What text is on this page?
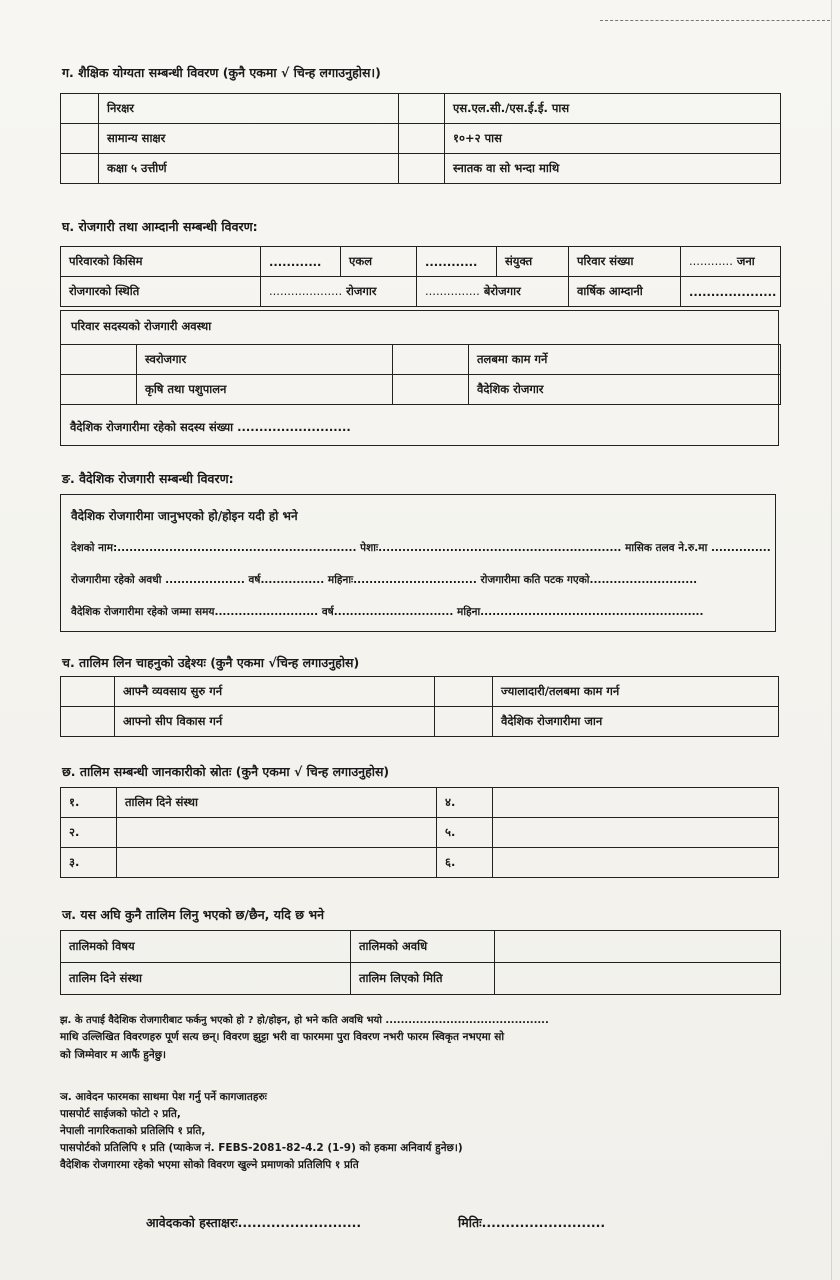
ग. शैक्षिक योग्यता सम्बन्धी विवरण (कुनै एकमा √ चिन्ह लगाउनुहोस।)
	निरक्षर		एस.एल.सी./एस.ई.ई. पास
	सामान्य साक्षर		१०+२ पास
	कक्षा ५ उत्तीर्ण		स्नातक वा सो भन्दा माथि
घ. रोजगारी तथा आम्दानी सम्बन्धी विवरण:
परिवारको किसिम	............	एकल	............	संयुक्त	परिवार संख्या	............ जना
रोजगारको स्थिति	.................... रोजगार		............... बेरोजगार		वार्षिक आम्दानी	....................
परिवार सदस्यको रोजगारी अवस्था
	स्वरोजगार		तलबमा काम गर्ने
	कृषि तथा पशुपालन		वैदेशिक रोजगार
वैदेशिक रोजगारीमा रहेको सदस्य संख्या ..........................
ङ. वैदेशिक रोजगारी सम्बन्धी विवरण:
वैदेशिक रोजगारीमा जानुभएको हो/होइन यदी हो भने
देशको नाम:............................................................ पेशाः............................................................. मासिक तलव ने.रु.मा ...............
रोजगारीमा रहेको अवधी .................... वर्ष................ महिनाः............................... रोजगारीमा कति पटक गएको...........................
वैदेशिक रोजगारीमा रहेको जम्मा समय.......................... वर्ष.............................. महिना........................................................
च. तालिम लिन चाहनुको उद्देश्यः (कुनै एकमा √चिन्ह लगाउनुहोस)
	आफ्नै व्यवसाय सुरु गर्न		ज्यालादारी/तलबमा काम गर्न
	आफ्नो सीप विकास गर्न		वैदेशिक रोजगारीमा जान
छ. तालिम सम्बन्धी जानकारीको स्रोतः (कुनै एकमा √ चिन्ह लगाउनुहोस)
१.	तालिम दिने संस्था	४.	
२.		५.	
३.		६.	
ज. यस अघि कुनै तालिम लिनु भएको छ/छैन, यदि छ भने
तालिमको विषय	तालिमको अवधि	
तालिम दिने संस्था	तालिम लिएको मिति	
झ. के तपाई वैदेशिक रोजगारीबाट फर्कनु भएको हो ? हो/होइन, हो भने कति अवधि भयो ...........................................
माथि उल्लिखित विवरणहरु पूर्ण सत्य छन्। विवरण झुट्टा भरी वा फारममा पुरा विवरण नभरी फारम स्विकृत नभएमा सो
को जिम्मेवार म आफैं हुनेछु।
ञ. आवेदन फारमका साथमा पेश गर्नु पर्ने कागजातहरुः
पासपोर्ट साईजको फोटो २ प्रति,
नेपाली नागरिकताको प्रतिलिपि १ प्रति,
पासपोर्टको प्रतिलिपि १ प्रति (प्याकेज नं. FEBS-2081-82-4.2 (1-9) को हकमा अनिवार्य हुनेछ।)
वैदेशिक रोजगारमा रहेको भएमा सोको विवरण खुल्ने प्रमाणको प्रतिलिपि १ प्रति
आवेदकको हस्ताक्षरः..........................	मितिः..........................
